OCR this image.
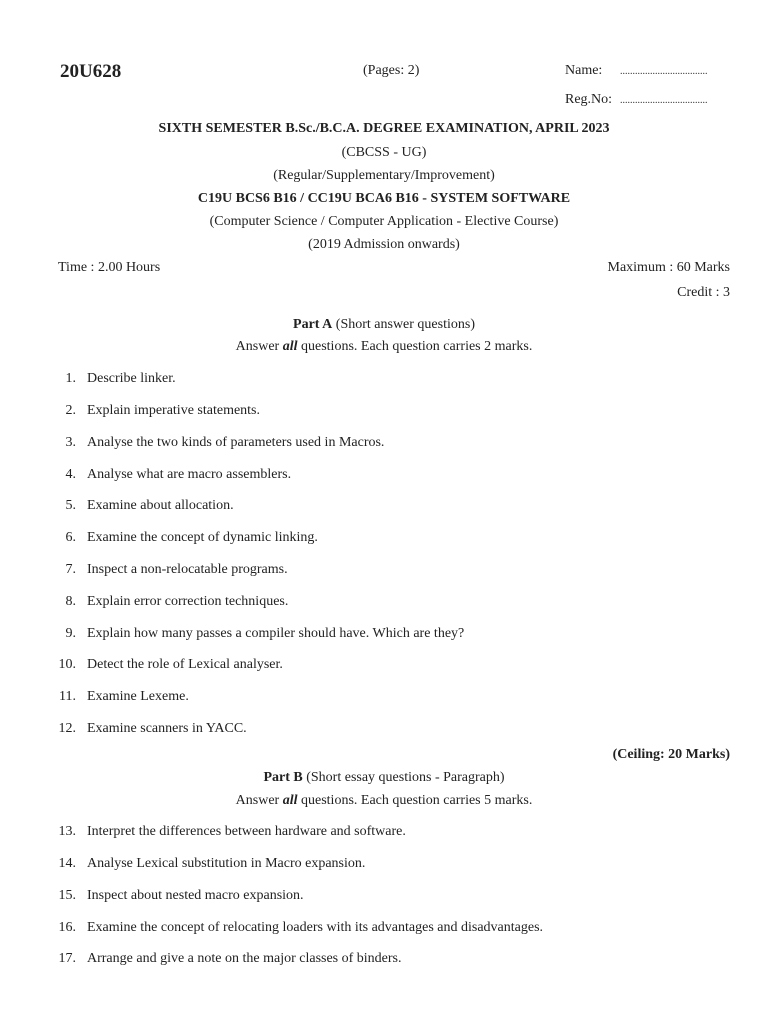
20U628	(Pages: 2)	Name: ...................................
Reg.No: ...................................
SIXTH SEMESTER B.Sc./B.C.A. DEGREE EXAMINATION, APRIL 2023
(CBCSS - UG)
(Regular/Supplementary/Improvement)
C19U BCS6 B16 / CC19U BCA6 B16 - SYSTEM SOFTWARE
(Computer Science / Computer Application - Elective Course)
(2019 Admission onwards)
Time : 2.00 Hours	Maximum : 60 Marks
Credit : 3
Part A (Short answer questions)
Answer all questions. Each question carries 2 marks.
1. Describe linker.
2. Explain imperative statements.
3. Analyse the two kinds of parameters used in Macros.
4. Analyse what are macro assemblers.
5. Examine about allocation.
6. Examine the concept of dynamic linking.
7. Inspect a non-relocatable programs.
8. Explain error correction techniques.
9. Explain how many passes a compiler should have. Which are they?
10. Detect the role of Lexical analyser.
11. Examine Lexeme.
12. Examine scanners in YACC.
(Ceiling: 20 Marks)
Part B (Short essay questions - Paragraph)
Answer all questions. Each question carries 5 marks.
13. Interpret the differences between hardware and software.
14. Analyse Lexical substitution in Macro expansion.
15. Inspect about nested macro expansion.
16. Examine the concept of relocating loaders with its advantages and disadvantages.
17. Arrange and give a note on the major classes of binders.
